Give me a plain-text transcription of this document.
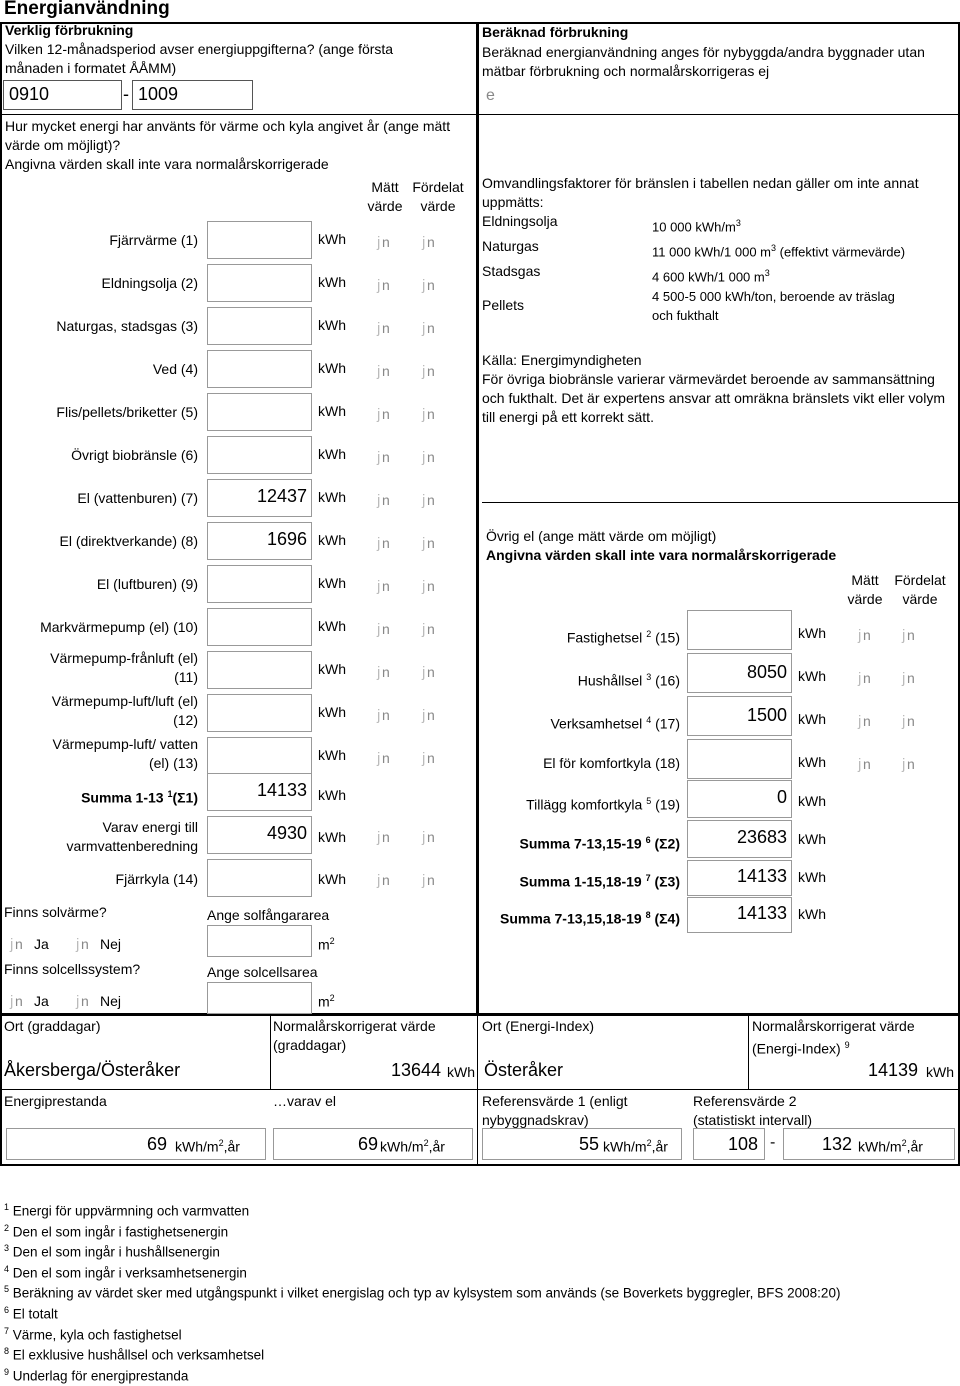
Energianvändning
Verklig förbrukning
Vilken 12-månadsperiod avser energiuppgifterna? (ange första månaden i formatet ÅÅMM)
0910	- 1009
Hur mycket energi har använts för värme och kyla angivet år (ange mätt värde om möjligt)?
Angivna värden skall inte vara normalårskorrigerade
Mätt värde
Fördelat värde
Fjärrvärme (1)	kWh j n j n
Eldningsolja (2)	kWh j n j n
Naturgas, stadsgas (3)	kWh j n j n
Ved (4)	kWh j n j n
Flis/pellets/briketter (5)	kWh j n j n
Övrigt biobränsle (6)	kWh j n j n
El (vattenburen) (7)	12437 kWh j n j n
El (direktverkande) (8)	1696 kWh j n j n
El (luftburen) (9)	kWh j n j n
Markvärmepump (el) (10)	kWh j n j n
Värmepump-frånluft (el) (11)	kWh j n j n
Värmepump-luft/luft (el) (12)	kWh j n j n
Värmepump-luft/ vatten (el) (13)	kWh j n j n
Summa 1-13 $^1$(Σ1)	14133 kWh
Varav energi till varmvattenberedning
4930 kWh j n j n
Fjärrkyla (14)	kWh j n j n
Finns solvärme?
j n Ja j n Nej
Ange solfångararea
$m^2$
Finns solcellssystem?
j n Ja j n Nej
Ange solcellsarea
$m^2$
Beräknad förbrukning
Beräknad energianvändning anges för nybyggda/andra byggnader utan mätbar förbrukning och normalårskorrigeras ej
e
Omvandlingsfaktorer för bränslen i tabellen nedan gäller om inte annat uppmätts:
Eldningsolja	10 000 kWh/$m^3$
Naturgas	11 000 kWh/1 000 $m^3$ (effektivt värmevärde)
Stadsgas	4 600 kWh/1 000 $m^3$
Pellets
4 500-5 000 kWh/ton, beroende av träslag och fukthalt
Källa: Energimyndigheten
För övriga biobränsle varierar värmevärdet beroende av sammansättning och fukthalt. Det är expertens ansvar att omräkna bränslets vikt eller volym till energi på ett korrekt sätt.
Övrig el (ange mätt värde om möjligt)
Angivna värden skall inte vara normalårskorrigerade
Mätt värde
Fördelat värde
Fastighetsel $^2$ (15)	kWh j n j n
Hushållsel $^3$ (16)	8050 kWh j n j n
Verksamhetsel $^4$ (17)	1500 kWh j n j n
El för komfortkyla (18)	kWh j n j n
Tillägg komfortkyla $^5$ (19)	0 kWh
Summa 7-13,15-19 $^6$ (Σ2)	23683 kWh
Summa 1-15,18-19 $^7$ (Σ3)	14133 kWh
Summa 7-13,15,18-19 $^8$ (Σ4)	14133 kWh
Ort (graddagar)
Åkersberga/Österåker
Normalårskorrigerat värde (graddagar)
13644 kWh
Ort (Energi-Index)
Österåker
Normalårskorrigerat värde (Energi-Index) $^9$
14139 kWh
Energiprestanda
69 kWh/$m^2,år$
…varav el
69 kWh/$m^2,år$
Referensvärde 1 (enligt nybyggnadskrav)
55 kWh/$m^2,år$
Referensvärde 2 (statistiskt intervall)
108 -	132 kWh/$m^2,år$
$^1$ Energi för uppvärmning och varmvatten
$^2$ Den el som ingår i fastighetsenergin
$^3$ Den el som ingår i hushållsenergin
$^4$ Den el som ingår i verksamhetsenergin
$^5$ Beräkning av värdet sker med utgångspunkt i vilket energislag och typ av kylsystem som används (se Boverkets byggregler, BFS 2008:20)
$^6$ El totalt
$^7$ Värme, kyla och fastighetsel
$^8$ El exklusive hushållsel och verksamhetsel
$^9$ Underlag för energiprestanda
